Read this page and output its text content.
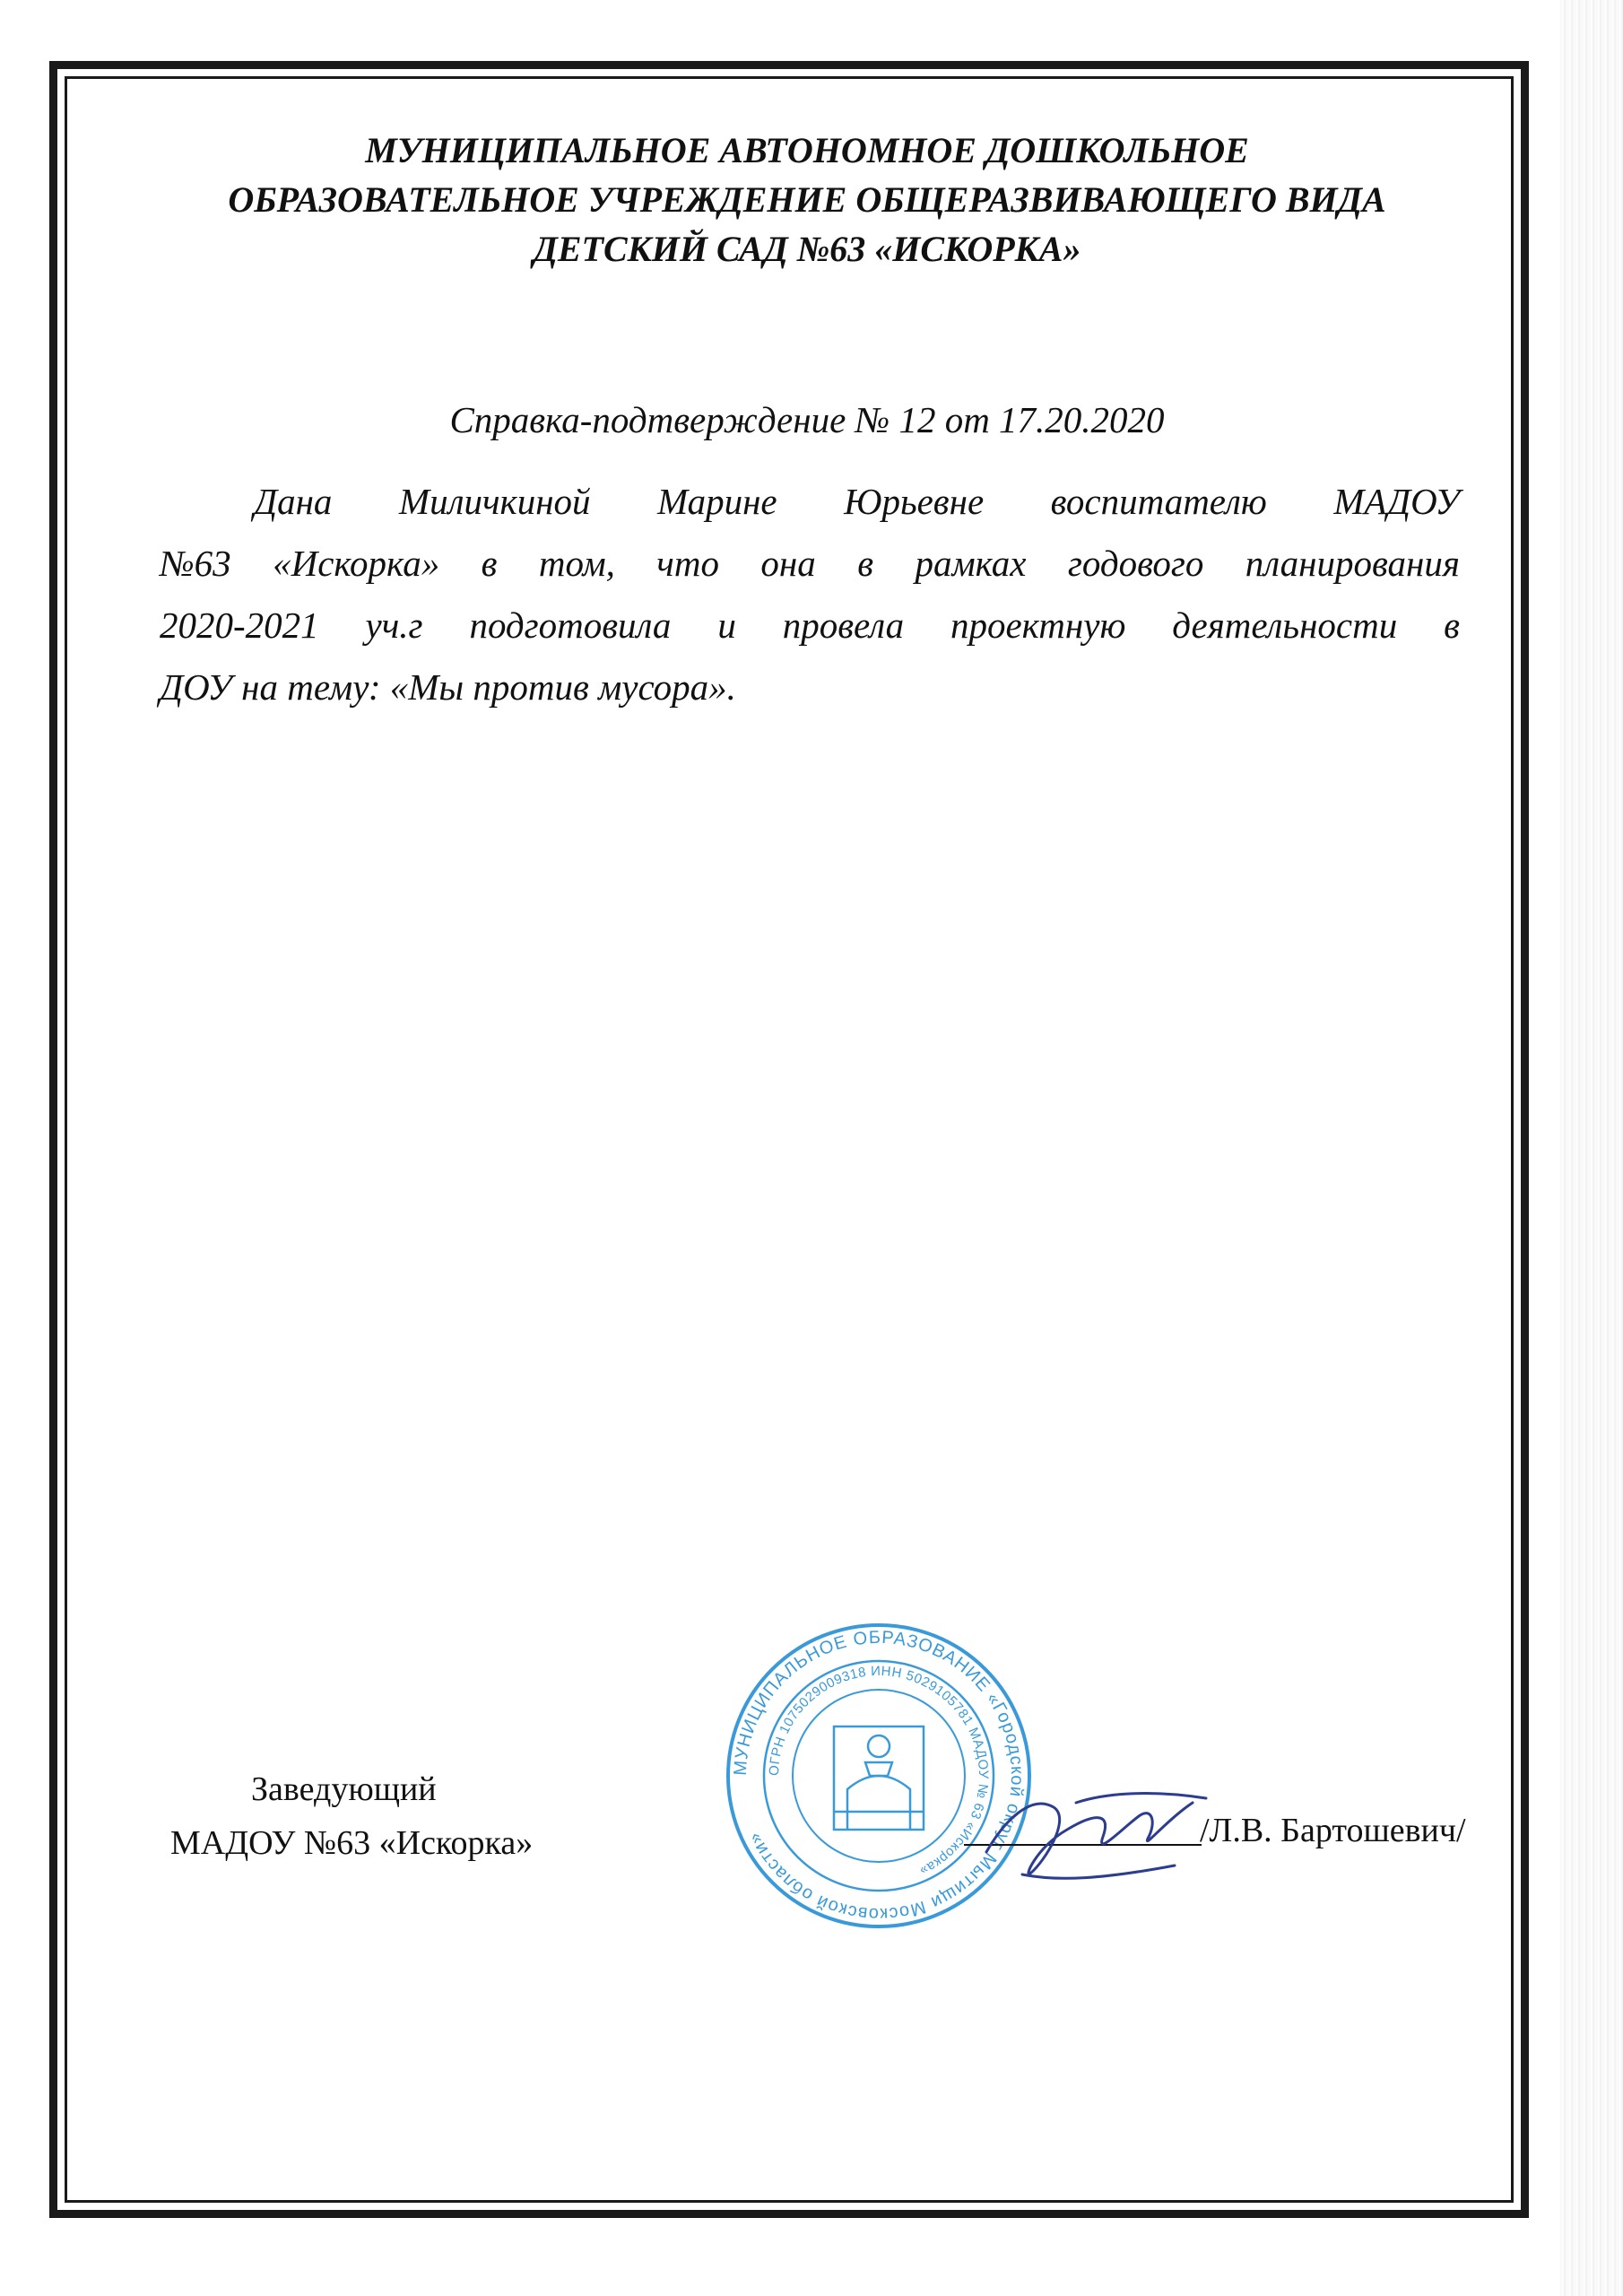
МУНИЦИПАЛЬНОЕ АВТОНОМНОЕ ДОШКОЛЬНОЕ
ОБРАЗОВАТЕЛЬНОЕ УЧРЕЖДЕНИЕ ОБЩЕРАЗВИВАЮЩЕГО ВИДА
ДЕТСКИЙ САД №63 «ИСКОРКА»
Справка-подтверждение № 12 от 17.20.2020
Дана Миличкиной Марине Юрьевне воспитателю МАДОУ
№63 «Искорка» в том, что она в рамках годового планирования
2020-2021 уч.г подготовила и провела проектную деятельности в
ДОУ на тему: «Мы против мусора».
Заведующий
МАДОУ №63 «Искорка»
МУНИЦИПАЛЬНОЕ ОБРАЗОВАНИЕ «Городской округ Мытищи Московской области»
ОГРН 1075029009318 ИНН 5029105781 МАДОУ № 63 «Искорка»
/Л.В. Бартошевич/
